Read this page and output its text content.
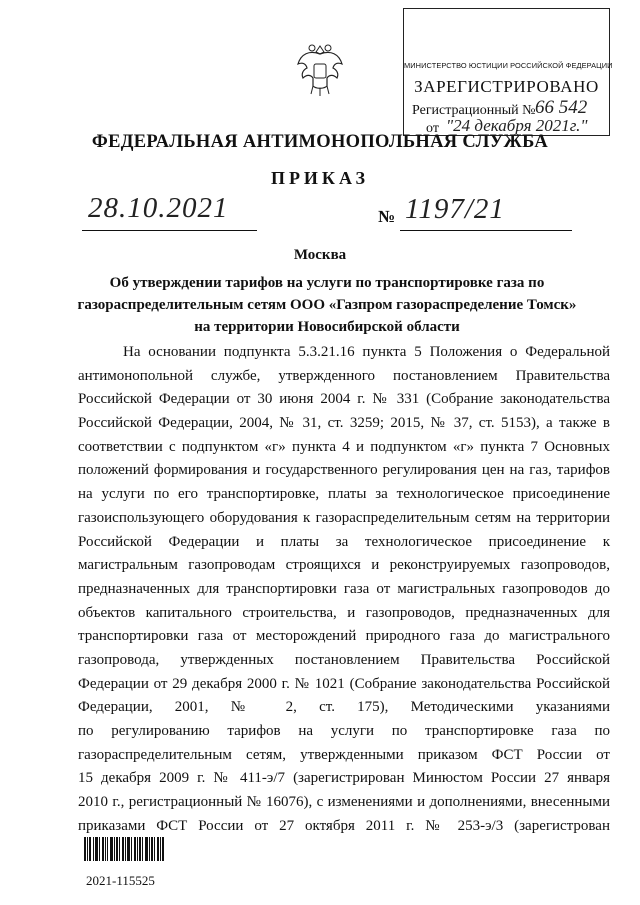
МИНИСТЕРСТВО ЮСТИЦИИ РОССИЙСКОЙ ФЕДЕРАЦИИ
ЗАРЕГИСТРИРОВАНО
Регистрационный № 66 542
от "24 декабря 2021г."
ФЕДЕРАЛЬНАЯ АНТИМОНОПОЛЬНАЯ СЛУЖБА
ПРИКАЗ
28.10.2021	№ 1197/21
Москва
Об утверждении тарифов на услуги по транспортировке газа по газораспределительным сетям ООО «Газпром газораспределение Томск» на территории Новосибирской области
На основании подпункта 5.3.21.16 пункта 5 Положения о Федеральной
антимонопольной службе, утвержденного постановлением Правительства
Российской Федерации от 30 июня 2004 г. № 331 (Собрание законодательства
Российской Федерации, 2004, № 31, ст. 3259; 2015, № 37, ст. 5153), а также в
соответствии с подпунктом «г» пункта 4 и подпунктом «г» пункта 7 Основных
положений формирования и государственного регулирования цен на газ, тарифов
на услуги по его транспортировке, платы за технологическое присоединение
газоиспользующего оборудования к газораспределительным сетям на территории
Российской Федерации и платы за технологическое присоединение к
магистральным газопроводам строящихся и реконструируемых газопроводов,
предназначенных для транспортировки газа от магистральных газопроводов до
объектов капитального строительства, и газопроводов, предназначенных для
транспортировки газа от месторождений природного газа до магистрального
газопровода, утвержденных постановлением Правительства Российской
Федерации от 29 декабря 2000 г. № 1021 (Собрание законодательства Российской
Федерации, 2001, № 2, ст. 175), Методическими указаниями
по регулированию тарифов на услуги по транспортировке газа по
газораспределительным сетям, утвержденными приказом ФСТ России от
15 декабря 2009 г. № 411-э/7 (зарегистрирован Минюстом России 27 января
2010 г., регистрационный № 16076), с изменениями и дополнениями, внесенными
приказами ФСТ России от 27 октября 2011 г. № 253-э/3 (зарегистрован
2021-115525
